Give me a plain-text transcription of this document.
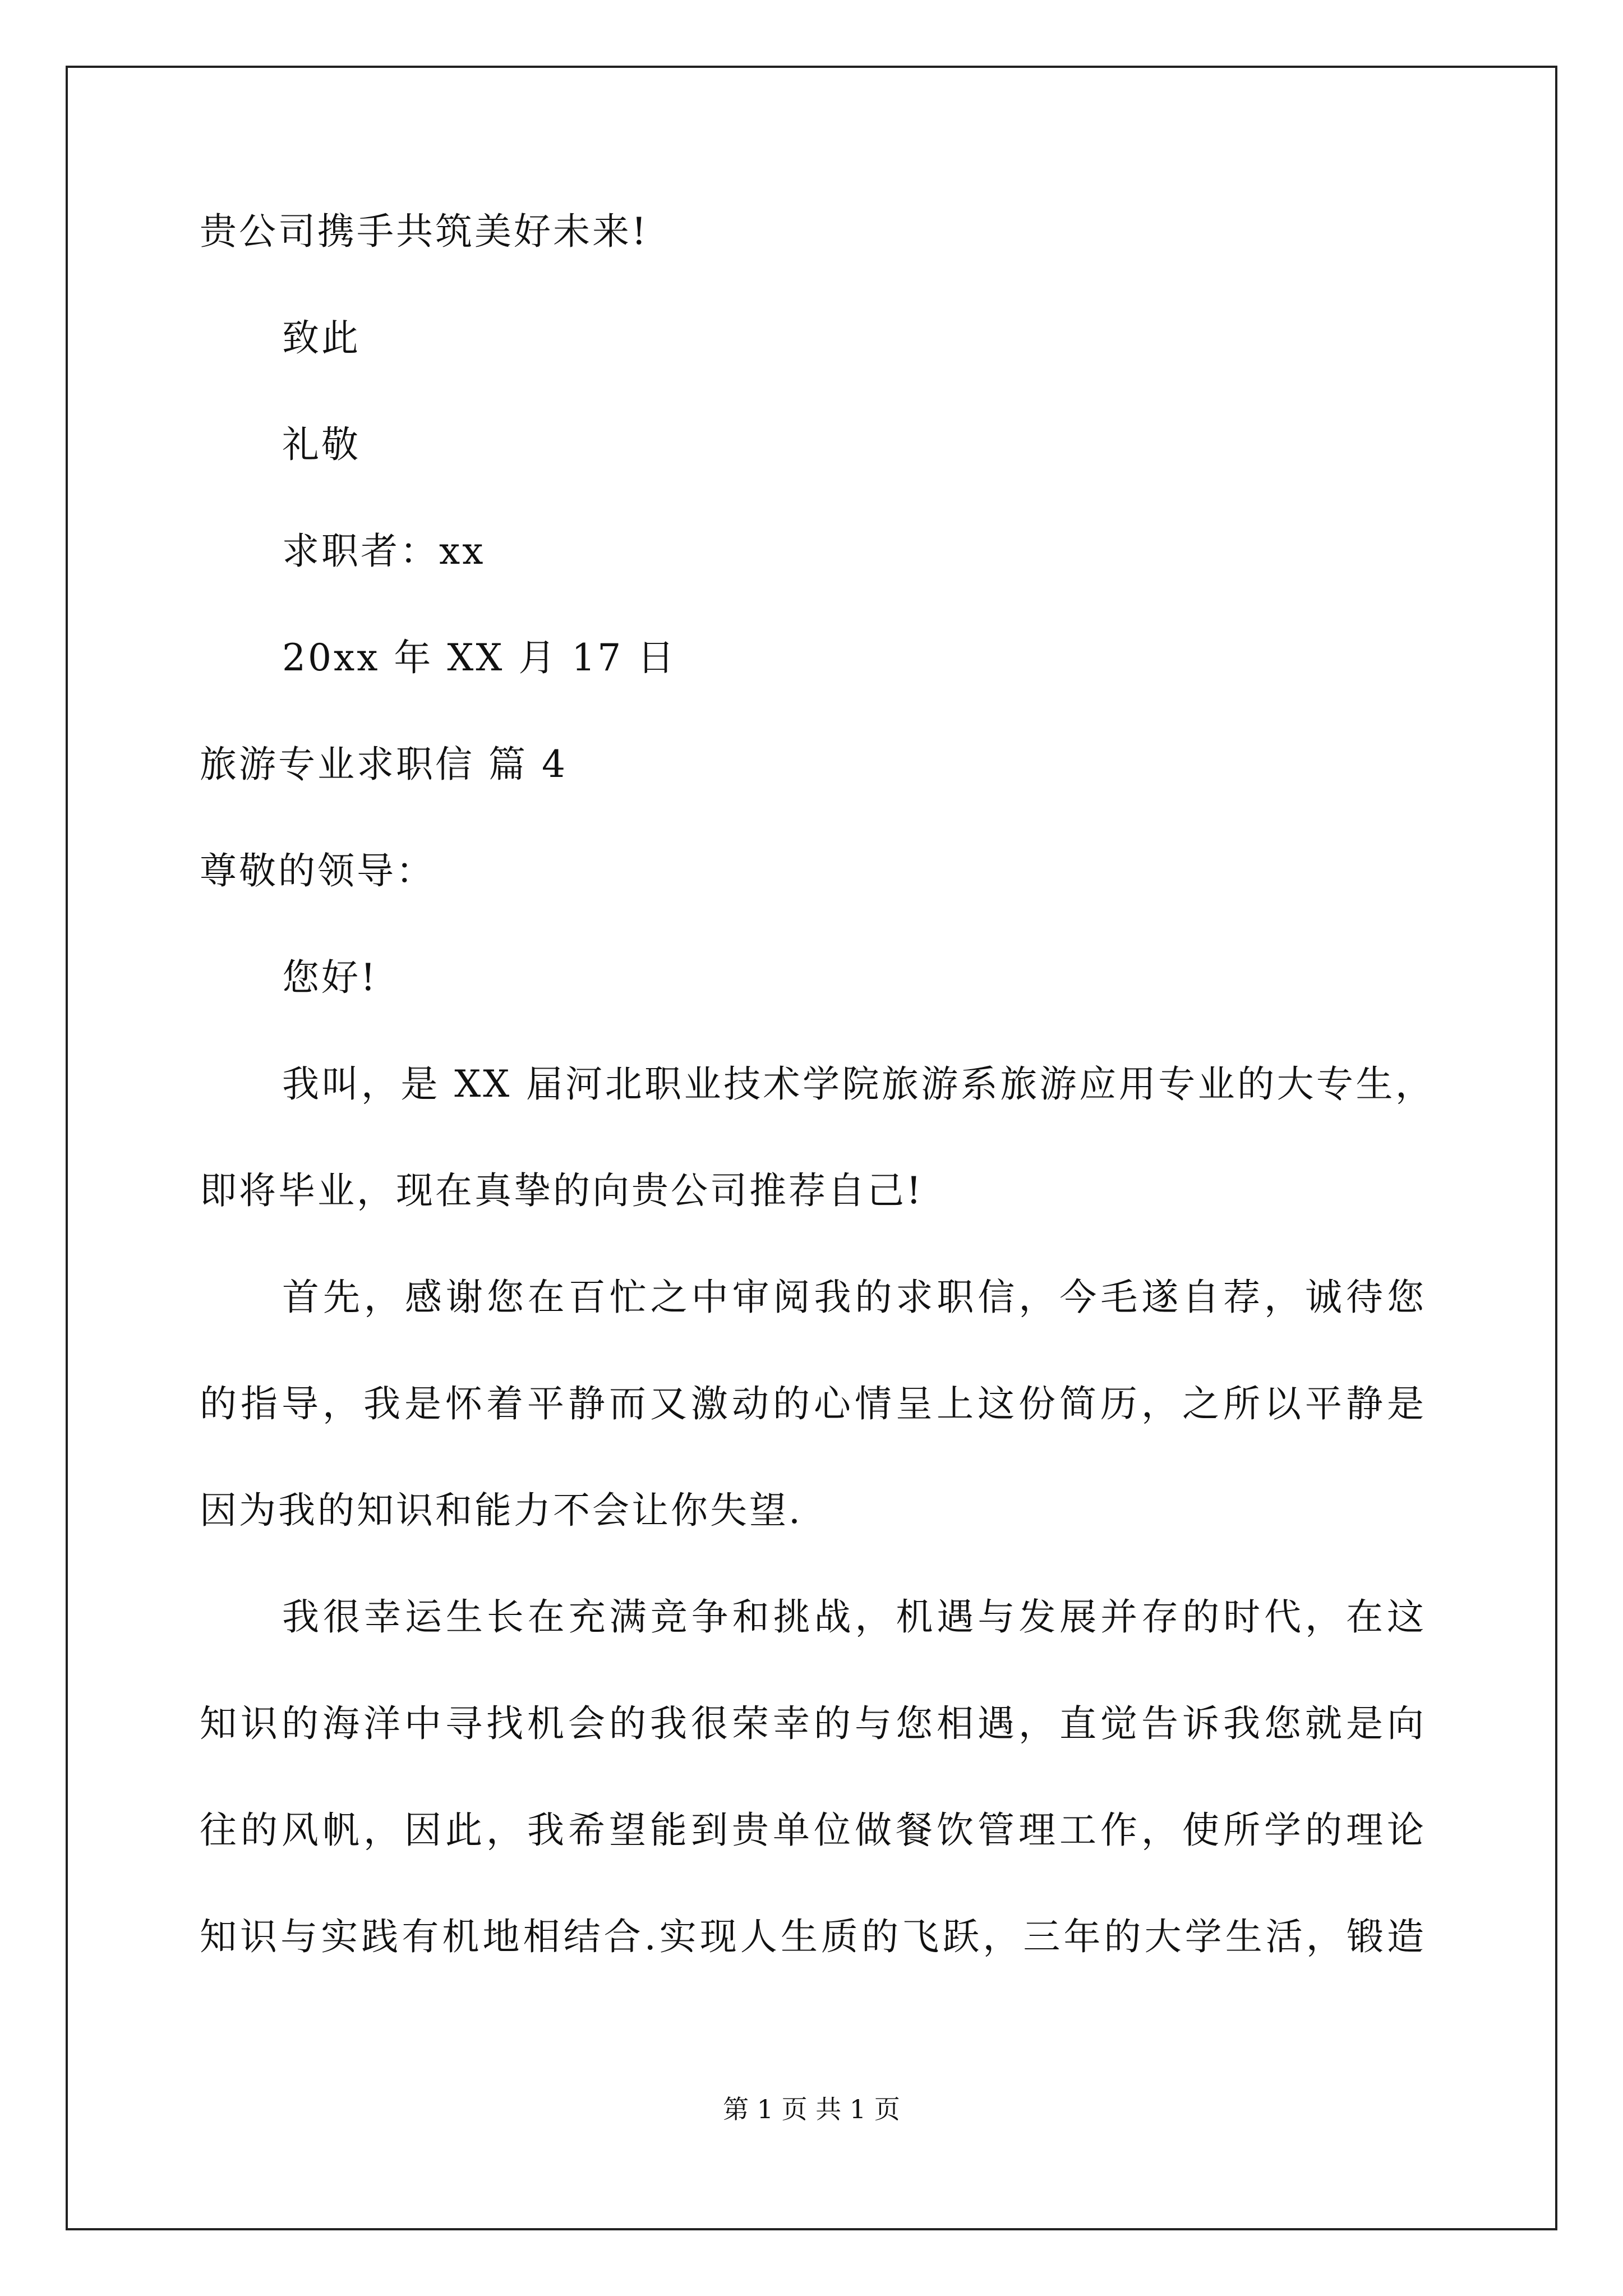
贵公司携手共筑美好未来!
致此
礼敬
求职者：xx
20xx 年 XX 月 17 日
旅游专业求职信 篇 4
尊敬的领导：
您好!
我叫，是 XX 届河北职业技术学院旅游系旅游应用专业的大专生，
即将毕业，现在真挚的向贵公司推荐自己!
首先，感谢您在百忙之中审阅我的求职信，今毛遂自荐，诚待您
的指导，我是怀着平静而又激动的心情呈上这份简历，之所以平静是
因为我的知识和能力不会让你失望.
我很幸运生长在充满竞争和挑战，机遇与发展并存的时代，在这
知识的海洋中寻找机会的我很荣幸的与您相遇，直觉告诉我您就是向
往的风帆，因此，我希望能到贵单位做餐饮管理工作，使所学的理论
知识与实践有机地相结合.实现人生质的飞跃，三年的大学生活，锻造
第 1 页 共 1 页
